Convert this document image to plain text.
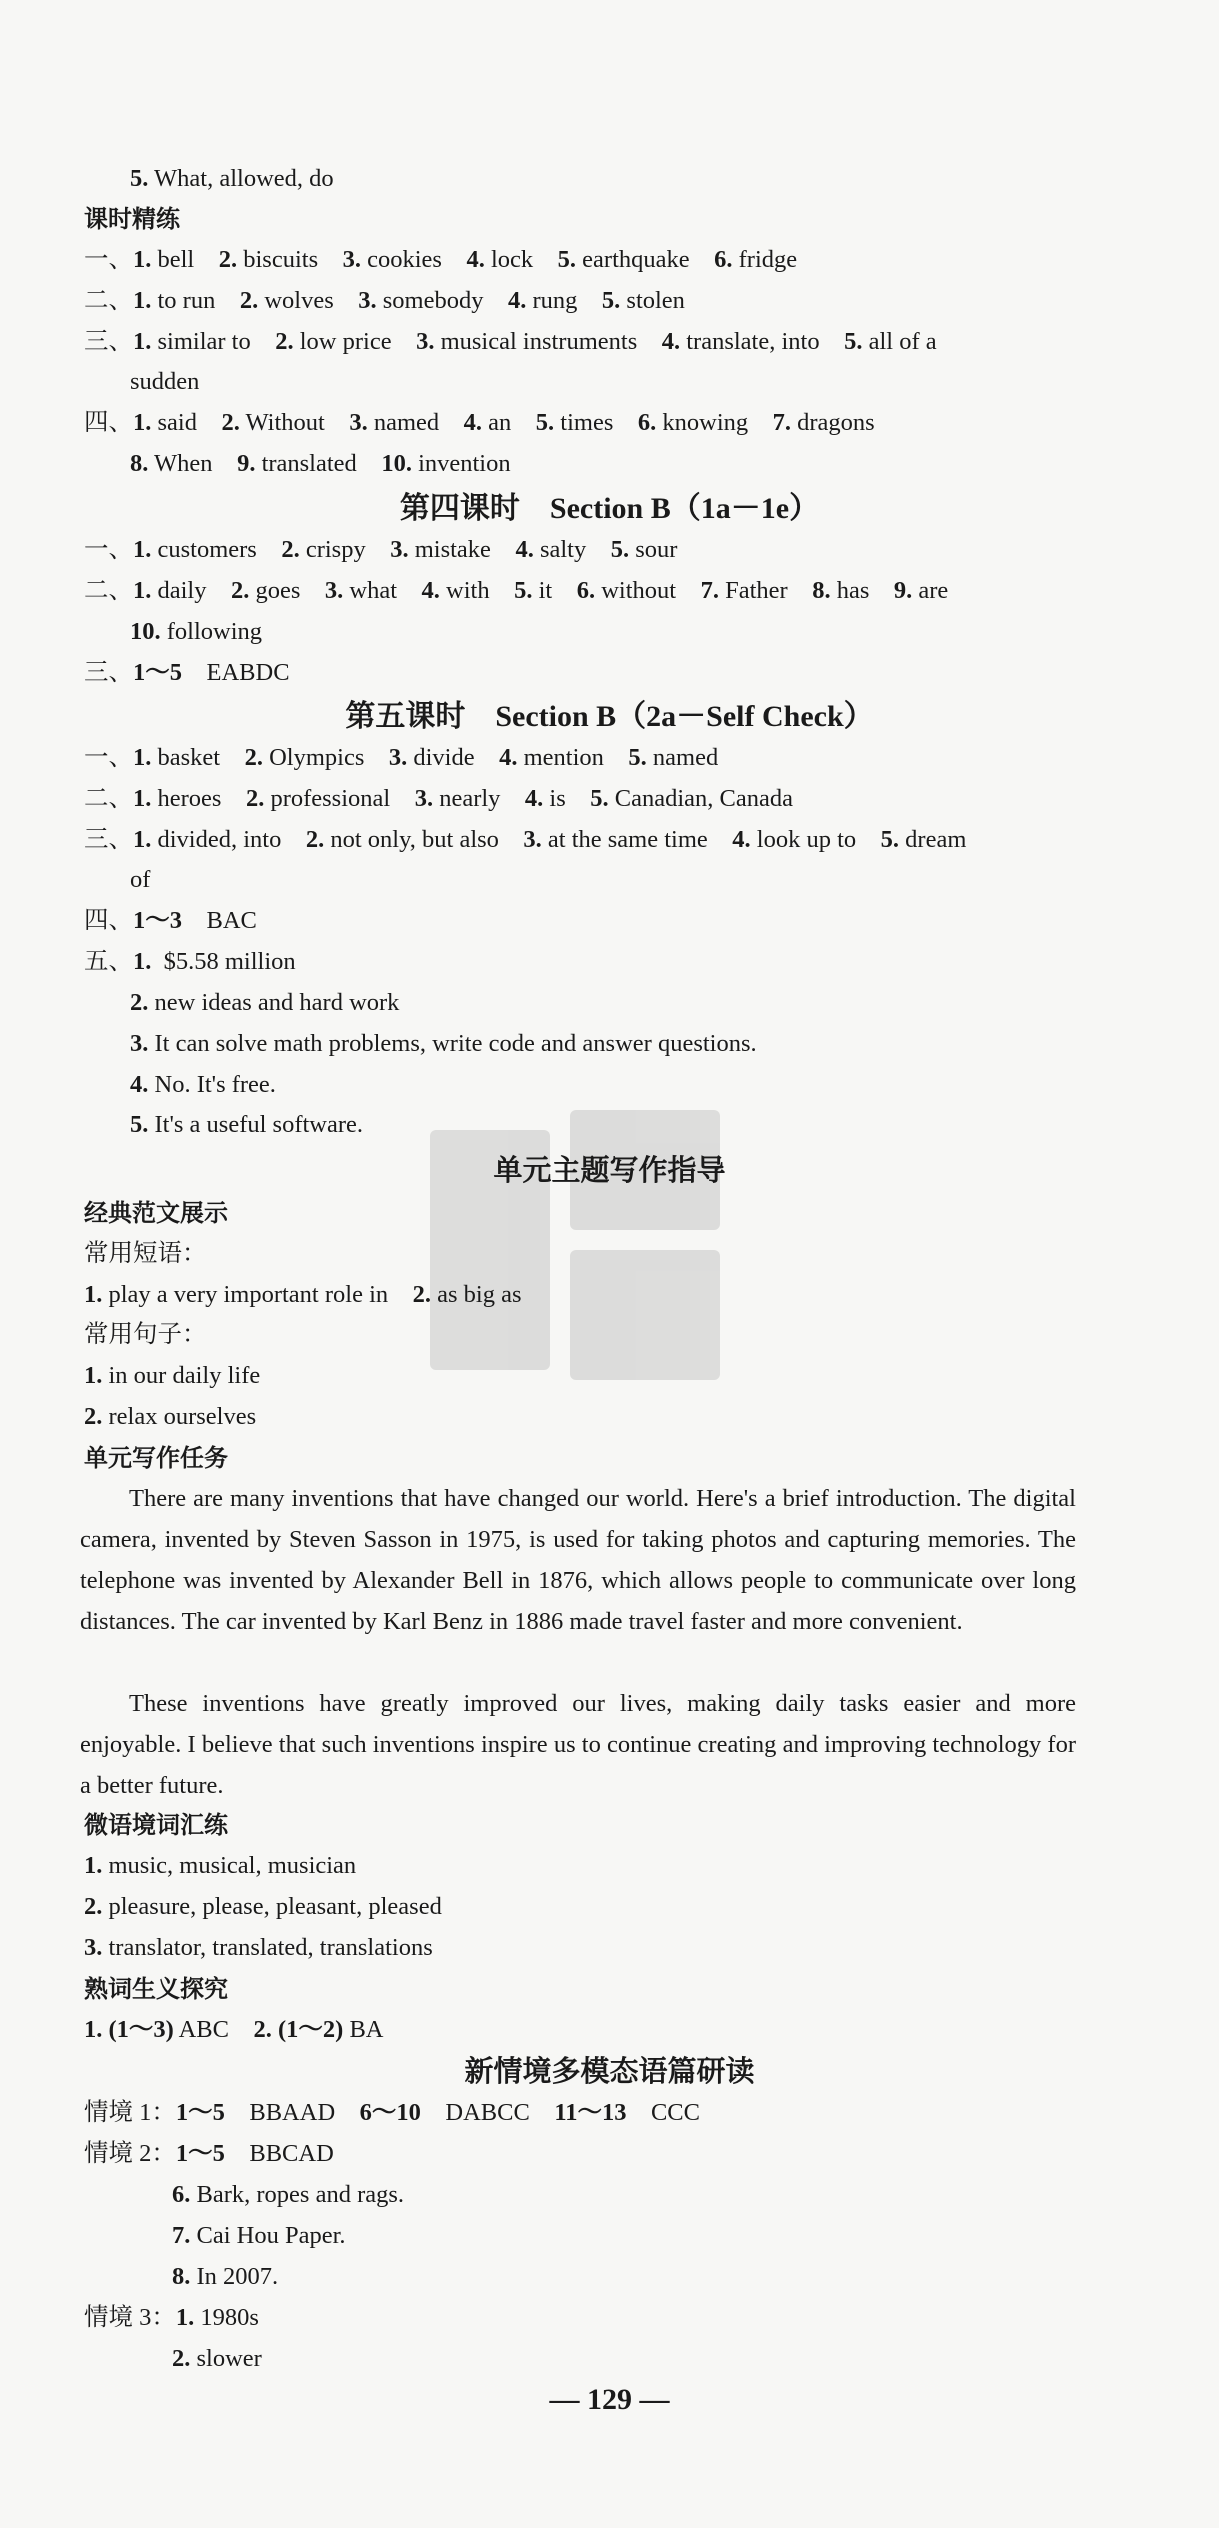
5. What, allowed, do
课时精练
一、1. bell    2. biscuits    3. cookies    4. lock    5. earthquake    6. fridge
二、1. to run    2. wolves    3. somebody    4. rung    5. stolen
三、1. similar to    2. low price    3. musical instruments    4. translate, into    5. all of a
sudden
四、1. said    2. Without    3. named    4. an    5. times    6. knowing    7. dragons
8. When    9. translated    10. invention
第四课时    Section B（1a－1e）
一、1. customers    2. crispy    3. mistake    4. salty    5. sour
二、1. daily    2. goes    3. what    4. with    5. it    6. without    7. Father    8. has    9. are
10. following
三、1～5    EABDC
第五课时    Section B（2a－Self Check）
一、1. basket    2. Olympics    3. divide    4. mention    5. named
二、1. heroes    2. professional    3. nearly    4. is    5. Canadian, Canada
三、1. divided, into    2. not only, but also    3. at the same time    4. look up to    5. dream
of
四、1～3    BAC
五、1.  $5.58 million
2. new ideas and hard work
3. It can solve math problems, write code and answer questions.
4. No. It's free.
5. It's a useful software.
单元主题写作指导
经典范文展示
常用短语：
1. play a very important role in    2. as big as
常用句子：
1. in our daily life
2. relax ourselves
单元写作任务
There are many inventions that have changed our world. Here's a brief introduction. The digital camera, invented by Steven Sasson in 1975, is used for taking photos and capturing memories. The telephone was invented by Alexander Bell in 1876, which allows people to communicate over long distances. The car invented by Karl Benz in 1886 made travel faster and more convenient.
These inventions have greatly improved our lives, making daily tasks easier and more enjoyable. I believe that such inventions inspire us to continue creating and improving technology for a better future.
微语境词汇练
1. music, musical, musician
2. pleasure, please, pleasant, pleased
3. translator, translated, translations
熟词生义探究
1. (1～3) ABC    2. (1～2) BA
新情境多模态语篇研读
情境 1：1～5    BBAAD    6～10    DABCC    11～13    CCC
情境 2：1～5    BBCAD
6. Bark, ropes and rags.
7. Cai Hou Paper.
8. In 2007.
情境 3：1. 1980s
2. slower
— 129 —
